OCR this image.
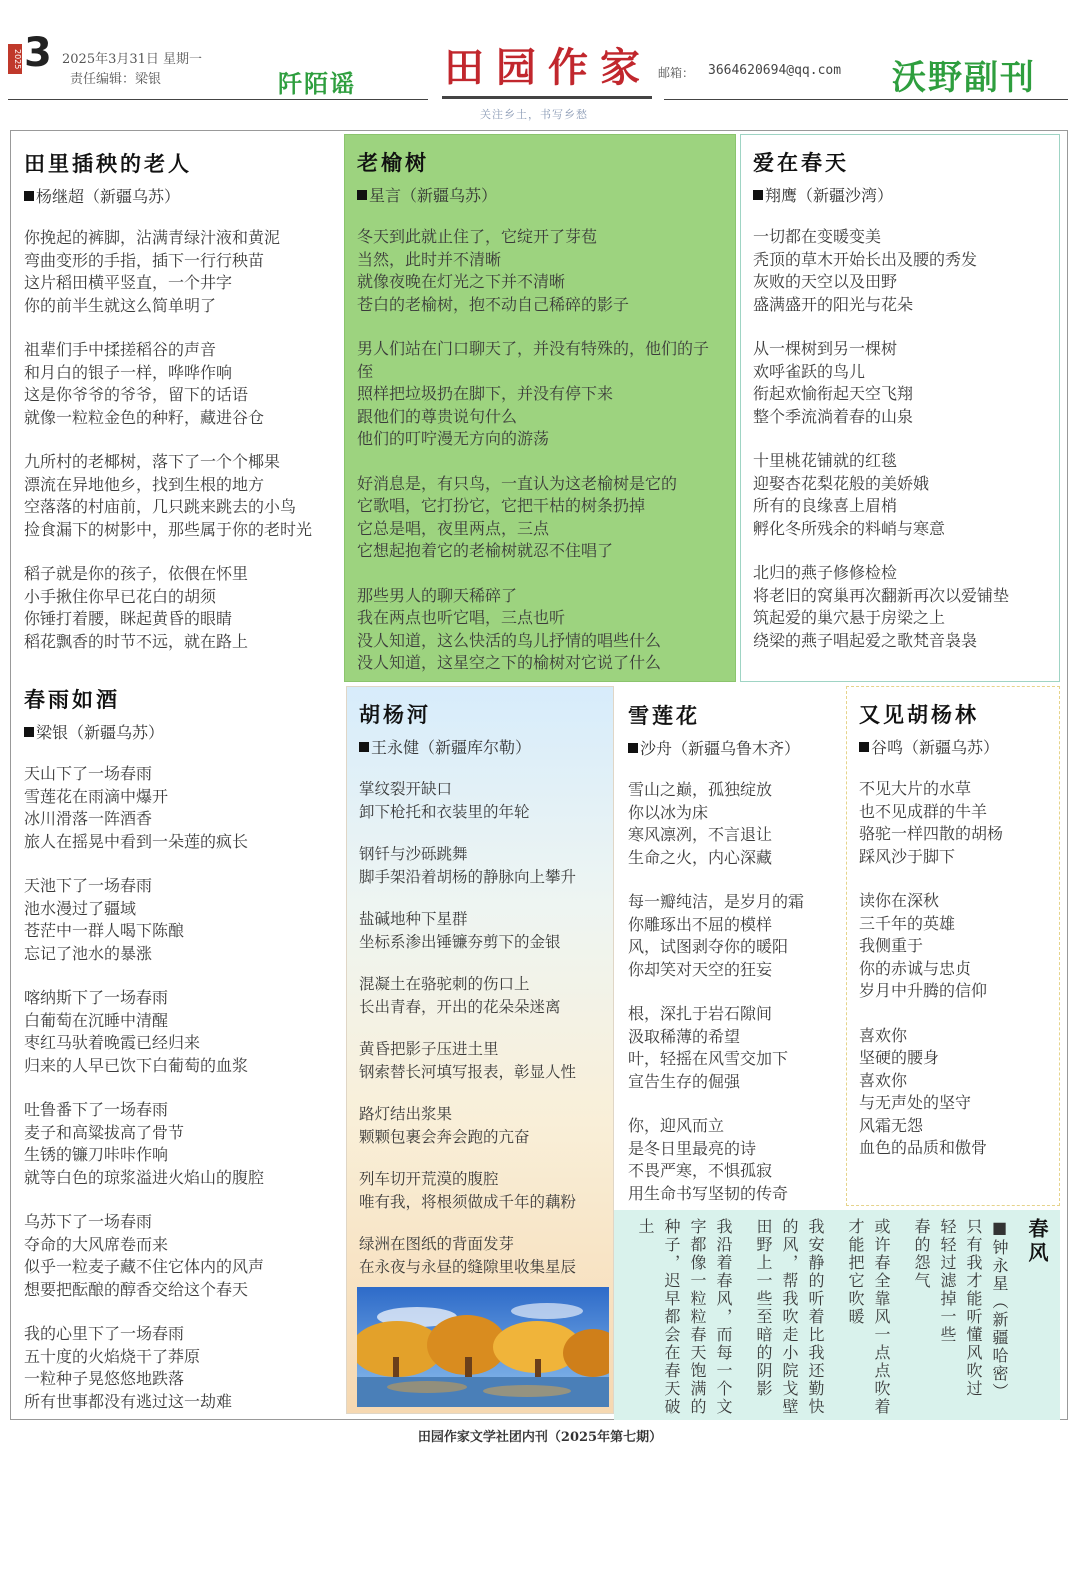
2025 3 2025年3月31日 星期一
责任编辑：梁银	阡陌谣 田园作家
关注乡土，书写乡愁
邮箱： 3664620694@qq.com 沃野副刊
田里插秧的老人
杨继超（新疆乌苏）
你挽起的裤脚，沾满青绿汁液和黄泥
弯曲变形的手指，插下一行行秧苗
这片稻田横平竖直，一个井字
你的前半生就这么简单明了
祖辈们手中揉搓稻谷的声音
和月白的银子一样，哗哗作响
这是你爷爷的爷爷，留下的话语
就像一粒粒金色的种籽，藏进谷仓
九所村的老椰树，落下了一个个椰果
漂流在异地他乡，找到生根的地方
空落落的村庙前，几只跳来跳去的小鸟
捡食漏下的树影中，那些属于你的老时光
稻子就是你的孩子，依偎在怀里
小手揪住你早已花白的胡须
你锤打着腰，眯起黄昏的眼睛
稻花飘香的时节不远，就在路上
老榆树
星言（新疆乌苏）
冬天到此就止住了，它绽开了芽苞
当然，此时并不清晰
就像夜晚在灯光之下并不清晰
苍白的老榆树，抱不动自己稀碎的影子
男人们站在门口聊天了，并没有特殊的，他们的子
侄
照样把垃圾扔在脚下，并没有停下来
跟他们的尊贵说句什么
他们的叮咛漫无方向的游荡
好消息是，有只鸟，一直认为这老榆树是它的
它歌唱，它打扮它，它把干枯的树条扔掉
它总是唱，夜里两点，三点
它想起抱着它的老榆树就忍不住唱了
那些男人的聊天稀碎了
我在两点也听它唱，三点也听
没人知道，这么快活的鸟儿抒情的唱些什么
没人知道，这星空之下的榆树对它说了什么
爱在春天
翔鹰（新疆沙湾）
一切都在变暖变美
秃顶的草木开始长出及腰的秀发
灰败的天空以及田野
盛满盛开的阳光与花朵
从一棵树到另一棵树
欢呼雀跃的鸟儿
衔起欢愉衔起天空飞翔
整个季流淌着春的山泉
十里桃花铺就的红毯
迎娶杏花梨花般的美娇娥
所有的良缘喜上眉梢
孵化冬所残余的料峭与寒意
北归的燕子修修检检
将老旧的窝巢再次翻新再次以爱铺垫
筑起爱的巢穴悬于房梁之上
绕梁的燕子唱起爱之歌梵音袅袅
春雨如酒
梁银（新疆乌苏）
天山下了一场春雨
雪莲花在雨滴中爆开
冰川滑落一阵酒香
旅人在摇晃中看到一朵莲的疯长
天池下了一场春雨
池水漫过了疆域
苍茫中一群人喝下陈酿
忘记了池水的暴涨
喀纳斯下了一场春雨
白葡萄在沉睡中清醒
枣红马驮着晚霞已经归来
归来的人早已饮下白葡萄的血浆
吐鲁番下了一场春雨
麦子和高粱拔高了骨节
生锈的镰刀咔咔作响
就等白色的琼浆溢进火焰山的腹腔
乌苏下了一场春雨
夺命的大风席卷而来
似乎一粒麦子藏不住它体内的风声
想要把酝酿的醇香交给这个春天
我的心里下了一场春雨
五十度的火焰烧干了莽原
一粒种子晃悠悠地跌落
所有世事都没有逃过这一劫难
胡杨河
王永健（新疆库尔勒）
掌纹裂开缺口
卸下枪托和衣装里的年轮
钢钎与沙砾跳舞
脚手架沿着胡杨的静脉向上攀升
盐碱地种下星群
坐标系渗出锤镰夯剪下的金银
混凝土在骆驼刺的伤口上
长出青春，开出的花朵朵迷离
黄昏把影子压进土里
钢索替长河填写报表，彰显人性
路灯结出浆果
颗颗包裹会奔会跑的亢奋
列车切开荒漠的腹腔
唯有我，将根须做成千年的藕粉
绿洲在图纸的背面发芽
在永夜与永昼的缝隙里收集星辰
雪莲花
沙舟（新疆乌鲁木齐）
雪山之巅，孤独绽放
你以冰为床
寒风凛冽，不言退让
生命之火，内心深藏
每一瓣纯洁，是岁月的霜
你雕琢出不屈的模样
风，试图剥夺你的暖阳
你却笑对天空的狂妄
根，深扎于岩石隙间
汲取稀薄的希望
叶，轻摇在风雪交加下
宣告生存的倔强
你，迎风而立
是冬日里最亮的诗
不畏严寒，不惧孤寂
用生命书写坚韧的传奇
又见胡杨林
谷鸣（新疆乌苏）
不见大片的水草
也不见成群的牛羊
骆驼一样四散的胡杨
踩风沙于脚下
读你在深秋
三千年的英雄
我侧重于
你的赤诚与忠贞
岁月中升腾的信仰
喜欢你
坚硬的腰身
喜欢你
与无声处的坚守
风霜无怨
血色的品质和傲骨
春风
■钟永星（新疆哈密）
只有我才能听懂风吹过
轻轻过滤掉一些
春的怨气
或许春全靠风一点点吹着
才能把它吹暖
我安静的听着比我还勤快
的风，帮我吹走小院戈壁
田野上一些至暗的阴影
我沿着春风，而每一个文
字都像一粒粒春天饱满的
种子，迟早都会在春天破
土
田园作家文学社团内刊（2025年第七期）
